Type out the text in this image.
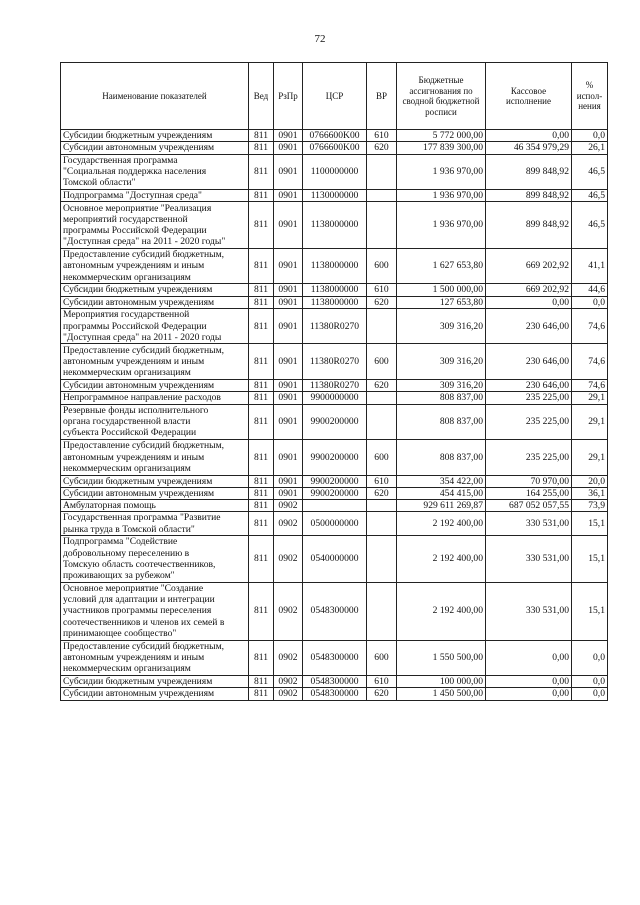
72
Наименование показателей	Вед	РзПр	ЦСР	ВР	Бюджетные ассигнования по сводной бюджетной росписи	Кассовое исполнение	% испол-нения
Субсидии бюджетным учреждениям	811	0901	0766600K00	610	5 772 000,00	0,00	0,0
Субсидии автономным учреждениям	811	0901	0766600K00	620	177 839 300,00	46 354 979,29	26,1
Государственная программа
"Социальная поддержка населения
Томской области"	811	0901	1100000000		1 936 970,00	899 848,92	46,5
Подпрограмма "Доступная среда"	811	0901	1130000000		1 936 970,00	899 848,92	46,5
Основное мероприятие "Реализация
мероприятий государственной
программы Российской Федерации
"Доступная среда" на 2011 - 2020 годы"	811	0901	1138000000		1 936 970,00	899 848,92	46,5
Предоставление субсидий бюджетным,
автономным учреждениям и иным
некоммерческим организациям	811	0901	1138000000	600	1 627 653,80	669 202,92	41,1
Субсидии бюджетным учреждениям	811	0901	1138000000	610	1 500 000,00	669 202,92	44,6
Субсидии автономным учреждениям	811	0901	1138000000	620	127 653,80	0,00	0,0
Мероприятия государственной
программы Российской Федерации
"Доступная среда" на 2011 - 2020 годы	811	0901	11380R0270		309 316,20	230 646,00	74,6
Предоставление субсидий бюджетным,
автономным учреждениям и иным
некоммерческим организациям	811	0901	11380R0270	600	309 316,20	230 646,00	74,6
Субсидии автономным учреждениям	811	0901	11380R0270	620	309 316,20	230 646,00	74,6
Непрограммное направление расходов	811	0901	9900000000		808 837,00	235 225,00	29,1
Резервные фонды исполнительного
органа государственной власти
субъекта Российской Федерации	811	0901	9900200000		808 837,00	235 225,00	29,1
Предоставление субсидий бюджетным,
автономным учреждениям и иным
некоммерческим организациям	811	0901	9900200000	600	808 837,00	235 225,00	29,1
Субсидии бюджетным учреждениям	811	0901	9900200000	610	354 422,00	70 970,00	20,0
Субсидии автономным учреждениям	811	0901	9900200000	620	454 415,00	164 255,00	36,1
Амбулаторная помощь	811	0902			929 611 269,87	687 052 057,55	73,9
Государственная программа "Развитие
рынка труда в Томской области"	811	0902	0500000000		2 192 400,00	330 531,00	15,1
Подпрограмма "Содействие
добровольному переселению в
Томскую область соотечественников,
проживающих за рубежом"	811	0902	0540000000		2 192 400,00	330 531,00	15,1
Основное мероприятие "Создание
условий для адаптации и интеграции
участников программы переселения
соотечественников и членов их семей в
принимающее сообщество"	811	0902	0548300000		2 192 400,00	330 531,00	15,1
Предоставление субсидий бюджетным,
автономным учреждениям и иным
некоммерческим организациям	811	0902	0548300000	600	1 550 500,00	0,00	0,0
Субсидии бюджетным учреждениям	811	0902	0548300000	610	100 000,00	0,00	0,0
Субсидии автономным учреждениям	811	0902	0548300000	620	1 450 500,00	0,00	0,0
